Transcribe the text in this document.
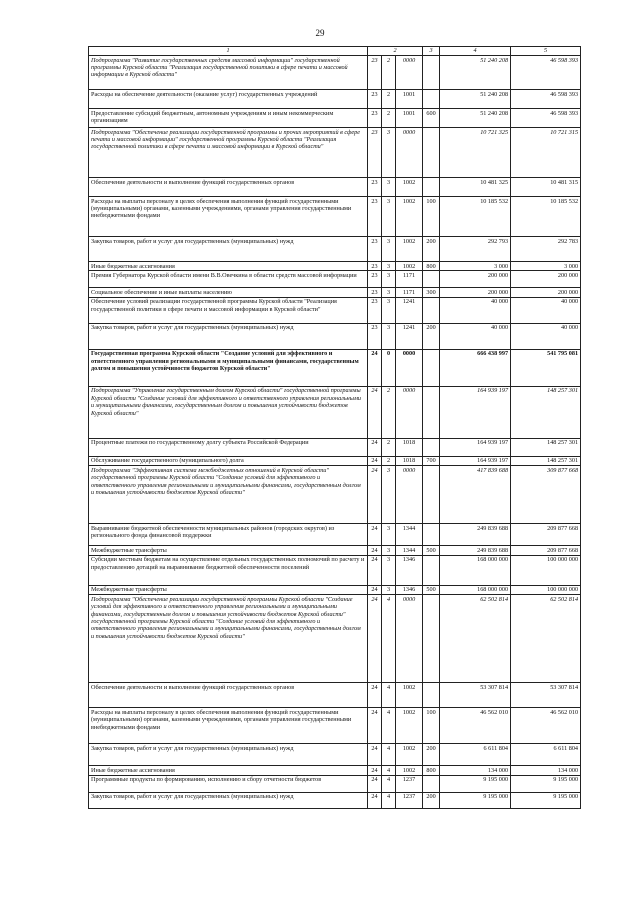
29
1	2			3	4	5
Подпрограмма "Развитие государственных средств массовой информации" государственной программы Курской области "Реализация государственной политики в сфере печати и массовой информации в Курской области"	23	2	0000		51 240 208	46 598 393
Расходы на обеспечение деятельности (оказание услуг) государственных учреждений	23	2	1001		51 240 208	46 598 393
Предоставление субсидий бюджетным, автономным учреждениям и иным некоммерческим организациям	23	2	1001	600	51 240 208	46 598 393
Подпрограмма "Обеспечение реализации государственной программы и прочих мероприятий в сфере печати и массовой информации" государственной программы Курской области "Реализация государственной политики в сфере печати и массовой информации в Курской области"	23	3	0000		10 721 325	10 721 315
Обеспечение деятельности и выполнение функций государственных органов	23	3	1002		10 481 325	10 481 315
Расходы на выплаты персоналу в целях обеспечения выполнения функций государственными (муниципальными) органами, казенными учреждениями, органами управления государственными внебюджетными фондами	23	3	1002	100	10 185 532	10 185 532
Закупка товаров, работ и услуг для государственных (муниципальных) нужд	23	3	1002	200	292 793	292 783
Иные бюджетные ассигнования	23	3	1002	800	3 000	3 000
Премия Губернатора Курской области имени В.В.Овечкина в области средств массовой информации	23	3	1171		200 000	200 000
Социальное обеспечение и иные выплаты населению	23	3	1171	300	200 000	200 000
Обеспечение условий реализации государственной программы Курской области "Реализация государственной политики в сфере печати и массовой информации в Курской области"	23	3	1241		40 000	40 000
Закупка товаров, работ и услуг для государственных (муниципальных) нужд	23	3	1241	200	40 000	40 000
Государственная программа Курской области "Создание условий для эффективного и ответственного управления региональными и муниципальными финансами, государственным долгом и повышения устойчивости бюджетов Курской области"	24	0	0000		666 438 997	541 795 081
Подпрограмма "Управление государственным долгом Курской области" государственной программы Курской области "Создание условий для эффективного и ответственного управления региональными и муниципальными финансами, государственным долгом и повышения устойчивости бюджетов Курской области"	24	2	0000		164 939 197	148 257 301
Процентные платежи по государственному долгу субъекта Российской Федерации	24	2	1018		164 939 197	148 257 301
Обслуживание государственного (муниципального) долга	24	2	1018	700	164 939 197	148 257 301
Подпрограмма "Эффективная система межбюджетных отношений в Курской области" государственной программы Курской области "Создание условий для эффективного и ответственного управления региональными и муниципальными финансами, государственным долгом и повышения устойчивости бюджетов Курской области"	24	3	0000		417 839 688	309 877 668
Выравнивание бюджетной обеспеченности муниципальных районов (городских округов) из регионального фонда финансовой поддержки	24	3	1344		249 839 688	209 877 668
Межбюджетные трансферты	24	3	1344	500	249 839 688	209 877 668
Субсидии местным бюджетам на осуществление отдельных государственных полномочий по расчету и предоставлению дотаций на выравнивание бюджетной обеспеченности поселений	24	3	1346		168 000 000	100 000 000
Межбюджетные трансферты	24	3	1346	500	168 000 000	100 000 000
Подпрограмма "Обеспечение реализации государственной программы Курской области "Создание условий для эффективного и ответственного управления региональными и муниципальными финансами, государственным долгом и повышения устойчивости бюджетов Курской области" государственной программы Курской области "Создание условий для эффективного и ответственного управления региональными и муниципальными финансами, государственным долгом и повышения устойчивости бюджетов Курской области"	24	4	0000		62 502 814	62 502 814
Обеспечение деятельности и выполнение функций государственных органов	24	4	1002		53 307 814	53 307 814
Расходы на выплаты персоналу в целях обеспечения выполнения функций государственными (муниципальными) органами, казенными учреждениями, органами управления государственными внебюджетными фондами	24	4	1002	100	46 562 010	46 562 010
Закупка товаров, работ и услуг для государственных (муниципальных) нужд	24	4	1002	200	6 611 804	6 611 804
Иные бюджетные ассигнования	24	4	1002	800	134 000	134 000
Программные продукты по формированию, исполнению и сбору отчетности бюджетов	24	4	1237		9 195 000	9 195 000
Закупка товаров, работ и услуг для государственных (муниципальных) нужд	24	4	1237	200	9 195 000	9 195 000
